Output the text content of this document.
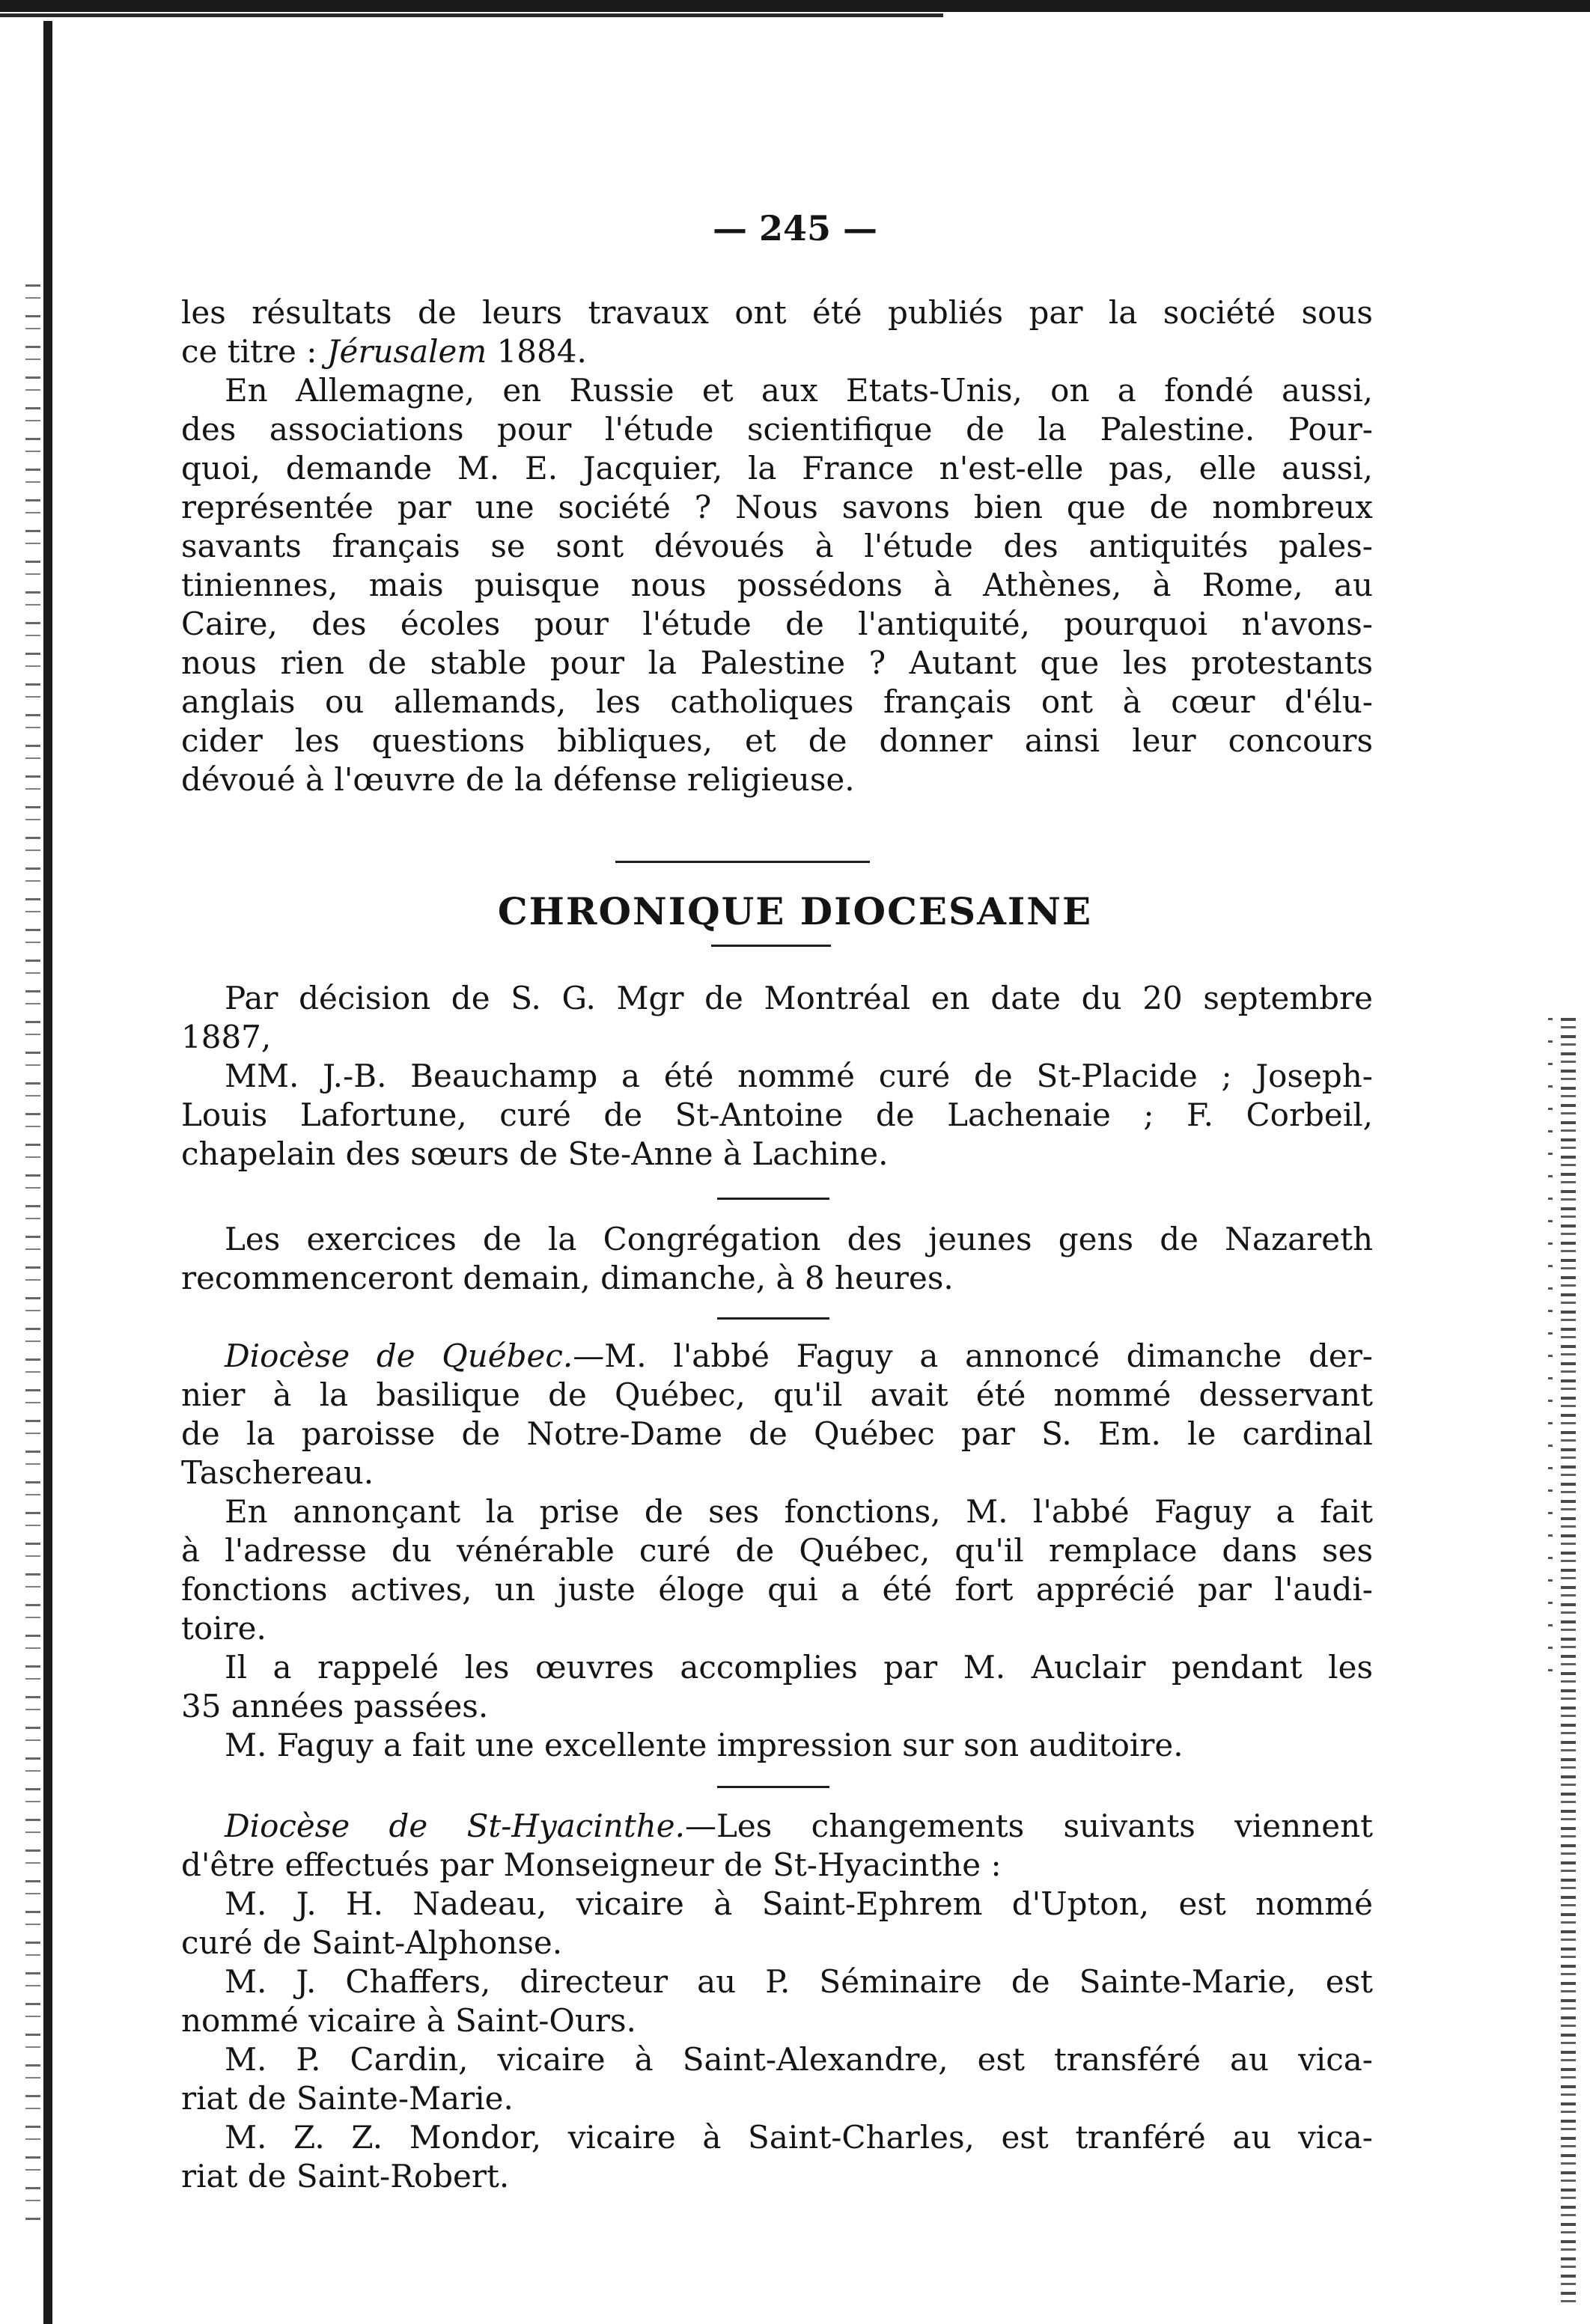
— 245 —

les résultats de leurs travaux ont été publiés par la société sous

ce titre : Jérusalem 1884.

En Allemagne, en Russie et aux Etats-Unis, on a fondé aussi,

des associations pour l'étude scientifique de la Palestine. Pour-

quoi, demande M. E. Jacquier, la France n'est-elle pas, elle aussi,

représentée par une société ? Nous savons bien que de nombreux

savants français se sont dévoués à l'étude des antiquités pales-

tiniennes, mais puisque nous possédons à Athènes, à Rome, au

Caire, des écoles pour l'étude de l'antiquité, pourquoi n'avons-

nous rien de stable pour la Palestine ? Autant que les protestants

anglais ou allemands, les catholiques français ont à cœur d'élu-

cider les questions bibliques, et de donner ainsi leur concours

dévoué à l'œuvre de la défense religieuse.

CHRONIQUE DIOCESAINE

Par décision de S. G. Mgr de Montréal en date du 20 septembre

1887,

MM. J.-B. Beauchamp a été nommé curé de St-Placide ; Joseph-

Louis Lafortune, curé de St-Antoine de Lachenaie ; F. Corbeil,

chapelain des sœurs de Ste-Anne à Lachine.

Les exercices de la Congrégation des jeunes gens de Nazareth

recommenceront demain, dimanche, à 8 heures.

Diocèse de Québec.—M. l'abbé Faguy a annoncé dimanche der-

nier à la basilique de Québec, qu'il avait été nommé desservant

de la paroisse de Notre-Dame de Québec par S. Em. le cardinal

Taschereau.

En annonçant la prise de ses fonctions, M. l'abbé Faguy a fait

à l'adresse du vénérable curé de Québec, qu'il remplace dans ses

fonctions actives, un juste éloge qui a été fort apprécié par l'audi-

toire.

Il a rappelé les œuvres accomplies par M. Auclair pendant les

35 années passées.

M. Faguy a fait une excellente impression sur son auditoire.

Diocèse de St-Hyacinthe.—Les changements suivants viennent

d'être effectués par Monseigneur de St-Hyacinthe :

M. J. H. Nadeau, vicaire à Saint-Ephrem d'Upton, est nommé

curé de Saint-Alphonse.

M. J. Chaffers, directeur au P. Séminaire de Sainte-Marie, est

nommé vicaire à Saint-Ours.

M. P. Cardin, vicaire à Saint-Alexandre, est transféré au vica-

riat de Sainte-Marie.

M. Z. Z. Mondor, vicaire à Saint-Charles, est tranféré au vica-

riat de Saint-Robert.
